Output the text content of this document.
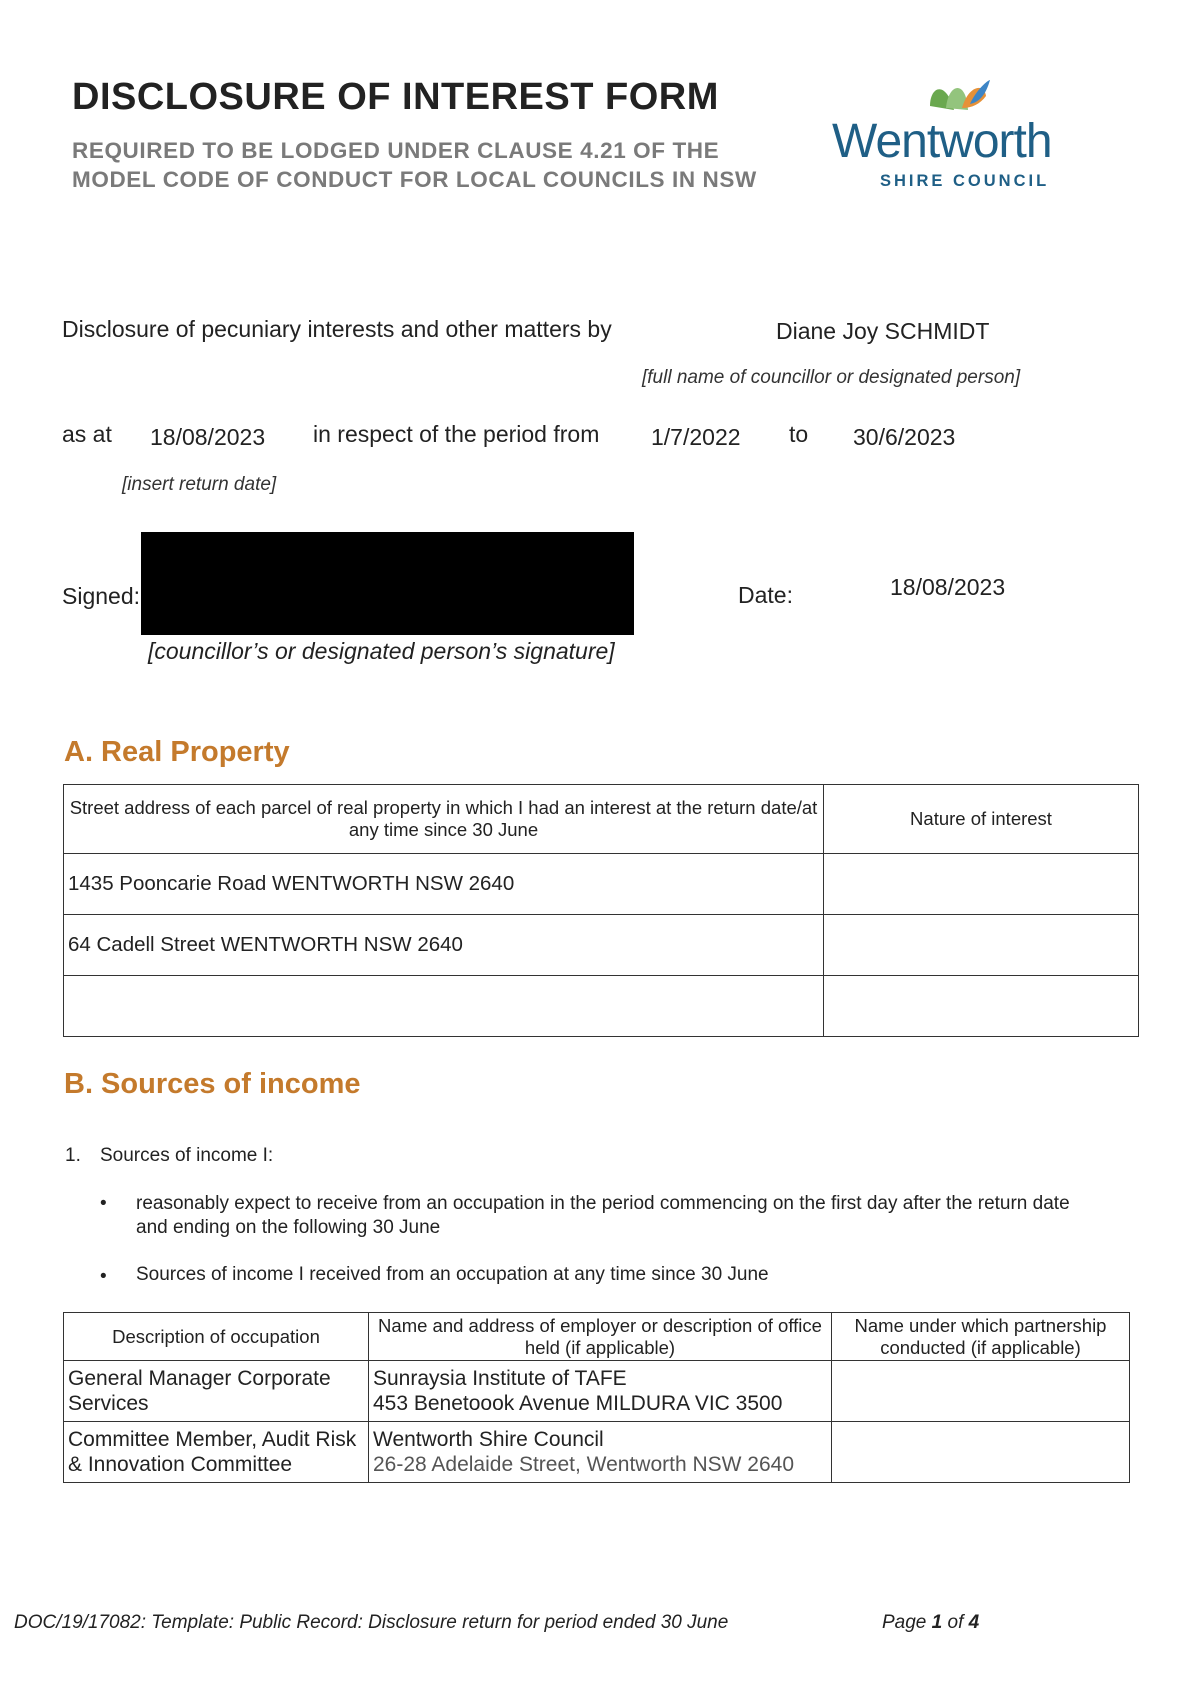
DISCLOSURE OF INTEREST FORM
REQUIRED TO BE LODGED UNDER CLAUSE 4.21 OF THE MODEL CODE OF CONDUCT FOR LOCAL COUNCILS IN NSW
Wentworth
SHIRE COUNCIL
Disclosure of pecuniary interests and other matters by	Diane Joy SCHMIDT
[full name of councillor or designated person]
as at 18/08/2023 in respect of the period from 1/7/2022 to 30/6/2023
[insert return date]
Signed:
[councillor’s or designated person’s signature]
Date:	18/08/2023
A. Real Property
Street address of each parcel of real property in which I had an interest at the return date/at any time since 30 June	Nature of interest
1435 Pooncarie Road WENTWORTH NSW 2640	
64 Cadell Street WENTWORTH NSW 2640	

B. Sources of income
1. Sources of income I:
• reasonably expect to receive from an occupation in the period commencing on the first day after the return date and ending on the following 30 June
• Sources of income I received from an occupation at any time since 30 June
Description of occupation	Name and address of employer or description of office held (if applicable)	Name under which partnership conducted (if applicable)
General Manager Corporate Services	Sunraysia Institute of TAFE
453 Benetoook Avenue MILDURA VIC 3500	

Committee Member, Audit Risk & Innovation Committee	Wentworth Shire Council
26-28 Adelaide Street, Wentworth NSW 2640	

DOC/19/17082: Template: Public Record: Disclosure return for period ended 30 June	Page 1 of 4
